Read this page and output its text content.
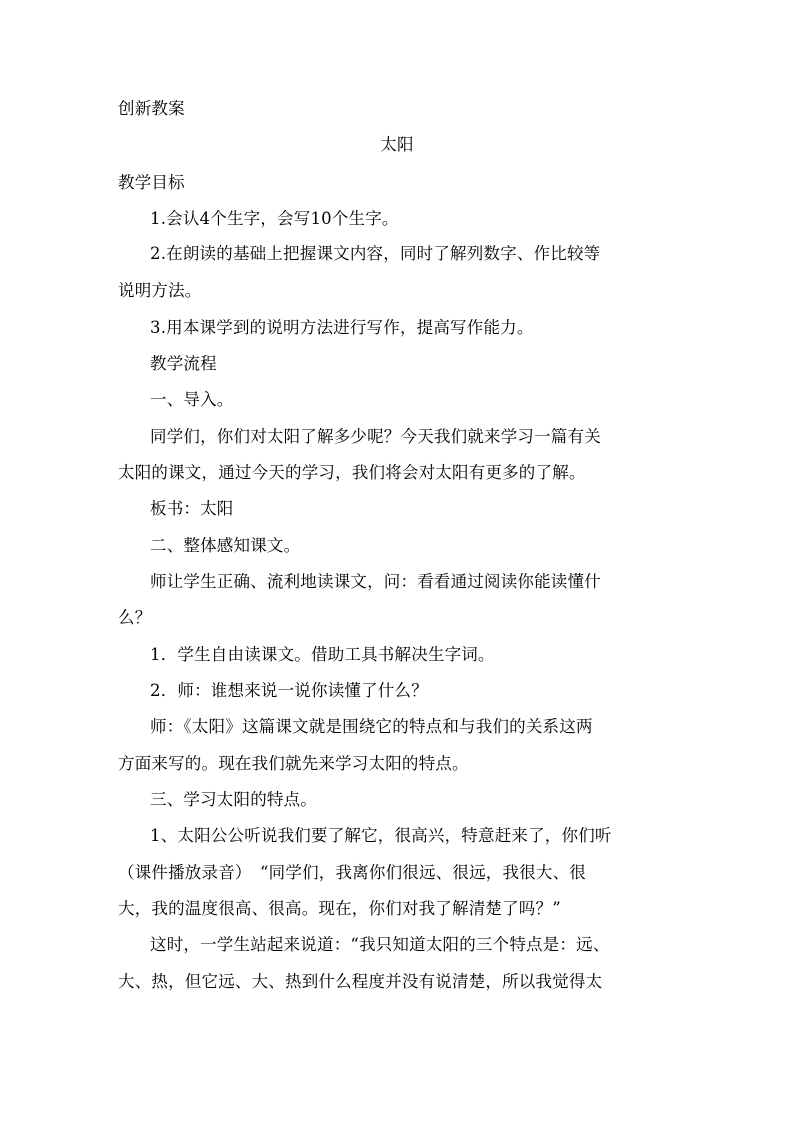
创新教案
太阳
教学目标
1.会认4个生字，会写10个生字。
2.在朗读的基础上把握课文内容，同时了解列数字、作比较等
说明方法。
3.用本课学到的说明方法进行写作，提高写作能力。
教学流程
一、导入。
同学们，你们对太阳了解多少呢？今天我们就来学习一篇有关
太阳的课文，通过今天的学习，我们将会对太阳有更多的了解。
板书：太阳
二、整体感知课文。
师让学生正确、流利地读课文，问：看看通过阅读你能读懂什
么？
1．学生自由读课文。借助工具书解决生字词。
2．师：谁想来说一说你读懂了什么？
师：《太阳》这篇课文就是围绕它的特点和与我们的关系这两
方面来写的。现在我们就先来学习太阳的特点。
三、学习太阳的特点。
1、太阳公公听说我们要了解它，很高兴，特意赶来了，你们听
（课件播放录音）　“同学们，我离你们很远、很远，我很大、很
大，我的温度很高、很高。现在，你们对我了解清楚了吗？”
这时，一学生站起来说道：“我只知道太阳的三个特点是：远、
大、热，但它远、大、热到什么程度并没有说清楚，所以我觉得太
